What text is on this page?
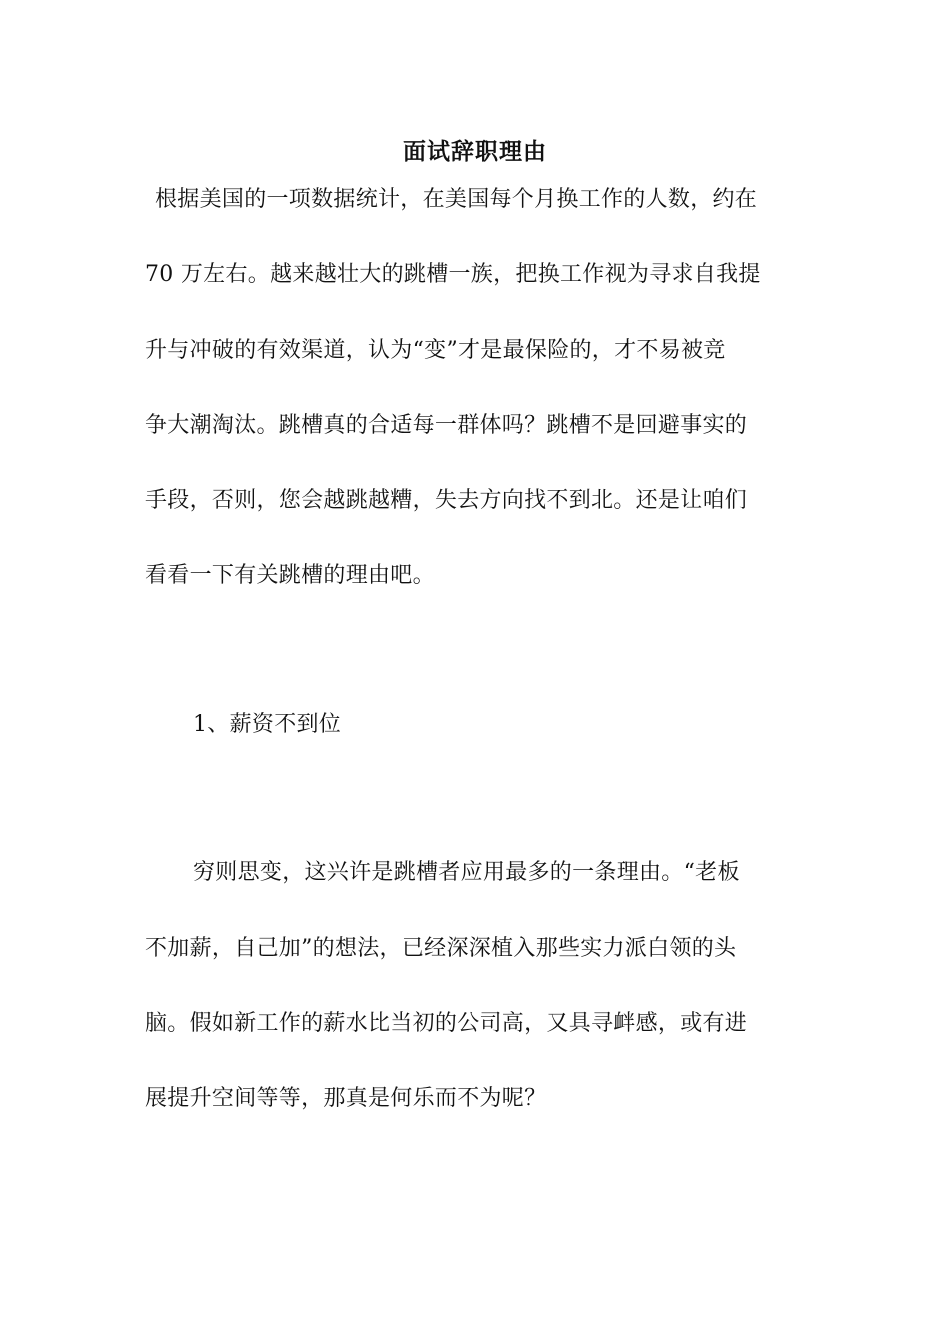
面试辞职理由
根据美国的一项数据统计，在美国每个月换工作的人数，约在
70 万左右。越来越壮大的跳槽一族，把换工作视为寻求自我提
升与冲破的有效渠道，认为“变”才是最保险的，才不易被竞
争大潮淘汰。跳槽真的合适每一群体吗？跳槽不是回避事实的
手段，否则，您会越跳越糟，失去方向找不到北。还是让咱们
看看一下有关跳槽的理由吧。
1、薪资不到位
穷则思变，这兴许是跳槽者应用最多的一条理由。“老板
不加薪，自己加”的想法，已经深深植入那些实力派白领的头
脑。假如新工作的薪水比当初的公司高，又具寻衅感，或有进
展提升空间等等，那真是何乐而不为呢？
